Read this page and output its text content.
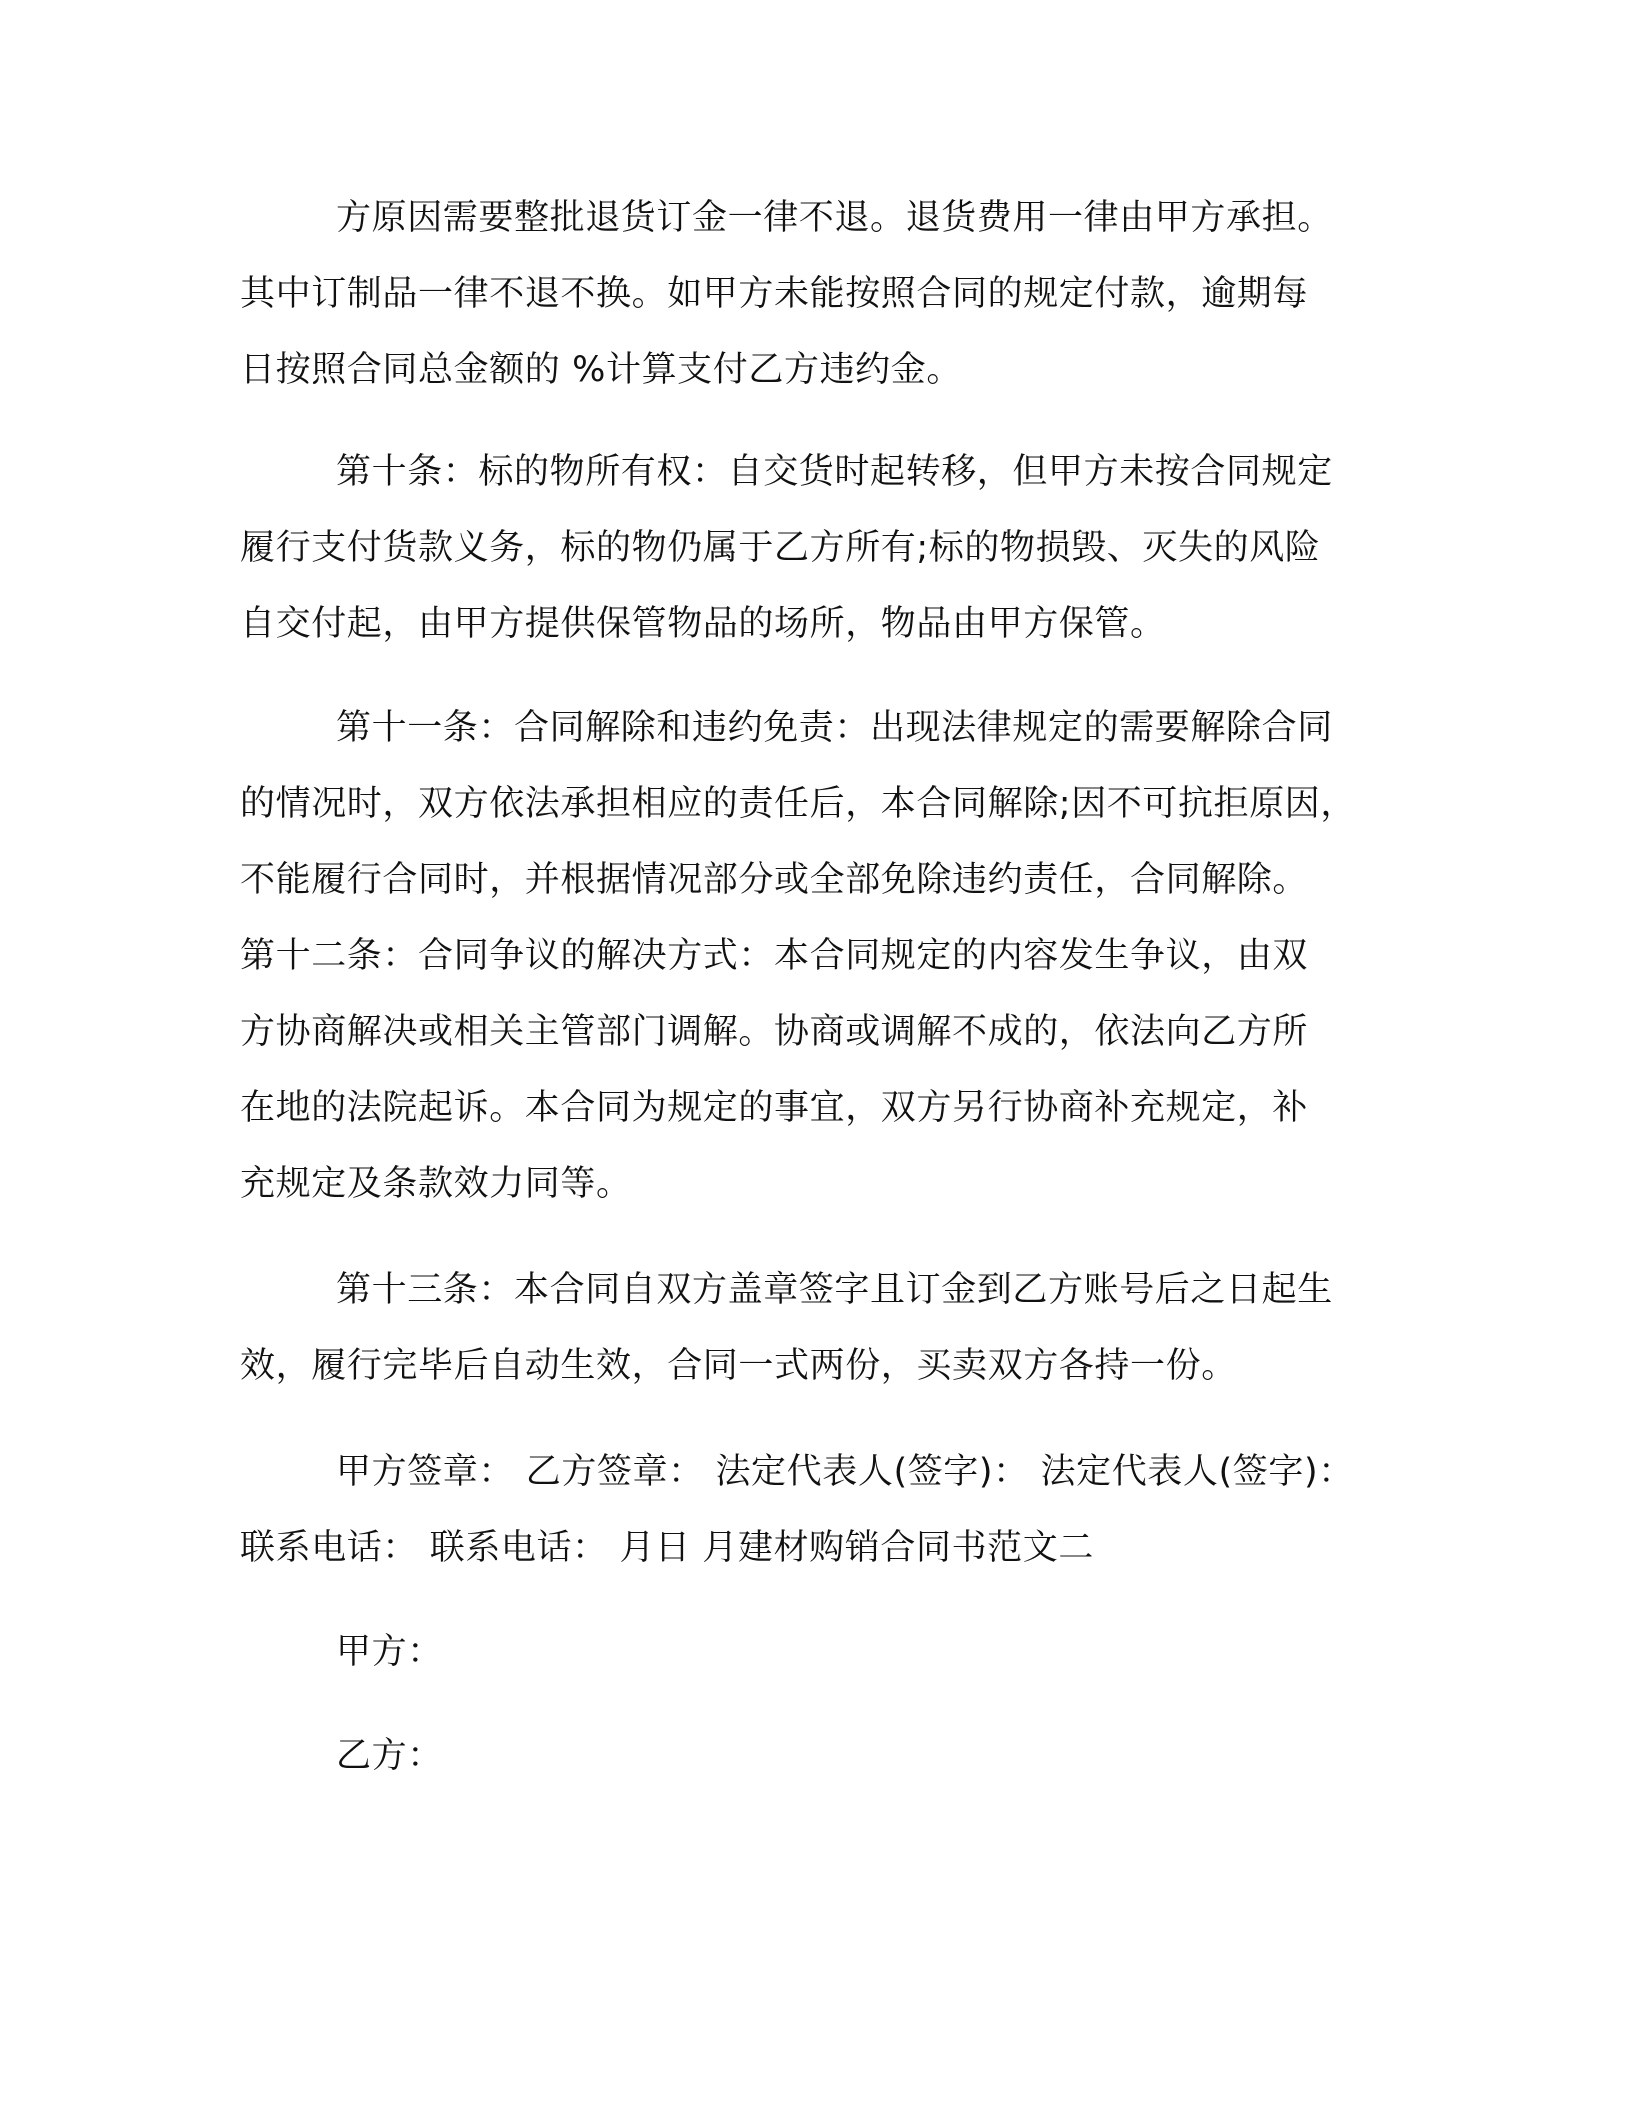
方原因需要整批退货订金一律不退。退货费用一律由甲方承担。

其中订制品一律不退不换。如甲方未能按照合同的规定付款，逾期每

日按照合同总金额的 %计算支付乙方违约金。

第十条：标的物所有权：自交货时起转移，但甲方未按合同规定

履行支付货款义务，标的物仍属于乙方所有;标的物损毁、灭失的风险

自交付起，由甲方提供保管物品的场所，物品由甲方保管。

第十一条：合同解除和违约免责：出现法律规定的需要解除合同

的情况时，双方依法承担相应的责任后，本合同解除;因不可抗拒原因，

不能履行合同时，并根据情况部分或全部免除违约责任，合同解除。

第十二条：合同争议的解决方式：本合同规定的内容发生争议，由双

方协商解决或相关主管部门调解。协商或调解不成的，依法向乙方所

在地的法院起诉。本合同为规定的事宜，双方另行协商补充规定，补

充规定及条款效力同等。

第十三条：本合同自双方盖章签字且订金到乙方账号后之日起生

效，履行完毕后自动生效，合同一式两份，买卖双方各持一份。

甲方签章： 乙方签章： 法定代表人(签字)： 法定代表人(签字)：

联系电话： 联系电话： 月日 月建材购销合同书范文二

甲方：

乙方：
